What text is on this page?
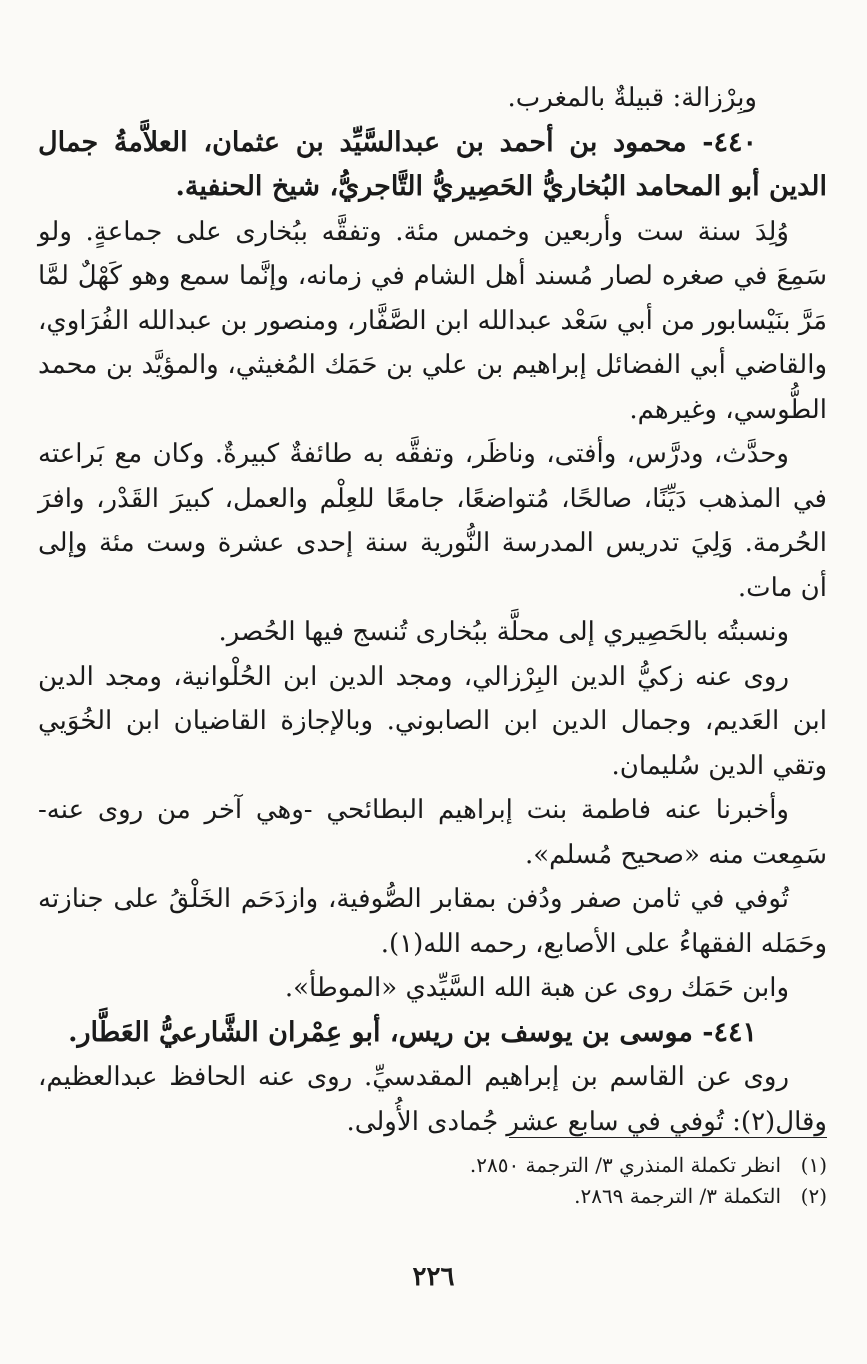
وبِرْزالة: قبيلةٌ بالمغرب.

٤٤٠- محمود بن أحمد بن عبدالسَّيِّد بن عثمان، العلاَّمةُ جمال الدين أبو المحامد البُخاريُّ الحَصِيريُّ التَّاجريُّ، شيخ الحنفية.

وُلِدَ سنة ست وأربعين وخمس مئة. وتفقَّه ببُخارى على جماعةٍ. ولو سَمِعَ في صغره لصار مُسند أهل الشام في زمانه، وإنَّما سمع وهو كَهْلٌ لمَّا مَرَّ بنَيْسابور من أبي سَعْد عبدالله ابن الصَّفَّار، ومنصور بن عبدالله الفُرَاوي، والقاضي أبي الفضائل إبراهيم بن علي بن حَمَك المُغيثي، والمؤيَّد بن محمد الطُّوسي، وغيرهم.

وحدَّث، ودرَّس، وأفتى، وناظَر، وتفقَّه به طائفةٌ كبيرةٌ. وكان مع بَراعته في المذهب دَيِّنًا، صالحًا، مُتواضعًا، جامعًا للعِلْم والعمل، كبيرَ القَدْر، وافرَ الحُرمة. وَلِيَ تدريس المدرسة النُّورية سنة إحدى عشرة وست مئة وإلى أن مات.

ونسبتُه بالحَصِيري إلى محلَّة ببُخارى تُنسج فيها الحُصر.

روى عنه زكيُّ الدين البِرْزالي، ومجد الدين ابن الحُلْوانية، ومجد الدين ابن العَديم، وجمال الدين ابن الصابوني. وبالإجازة القاضيان ابن الخُوَيي وتقي الدين سُليمان.

وأخبرنا عنه فاطمة بنت إبراهيم البطائحي -وهي آخر من روى عنه- سَمِعت منه «صحيح مُسلم».

تُوفي في ثامن صفر ودُفن بمقابر الصُّوفية، وازدَحَم الخَلْقُ على جنازته وحَمَله الفقهاءُ على الأصابع، رحمه الله(١).

وابن حَمَك روى عن هبة الله السَّيِّدي «الموطأ».

٤٤١- موسى بن يوسف بن ريس، أبو عِمْران الشَّارعيُّ العَطَّار.

روى عن القاسم بن إبراهيم المقدسيِّ. روى عنه الحافظ عبدالعظيم، وقال(٢): تُوفي في سابع عشر جُمادى الأُولى.

(١)
انظر تكملة المنذري ٣/ الترجمة ٢٨٥٠.
(٢)
التكملة ٣/ الترجمة ٢٨٦٩.
٢٢٦
